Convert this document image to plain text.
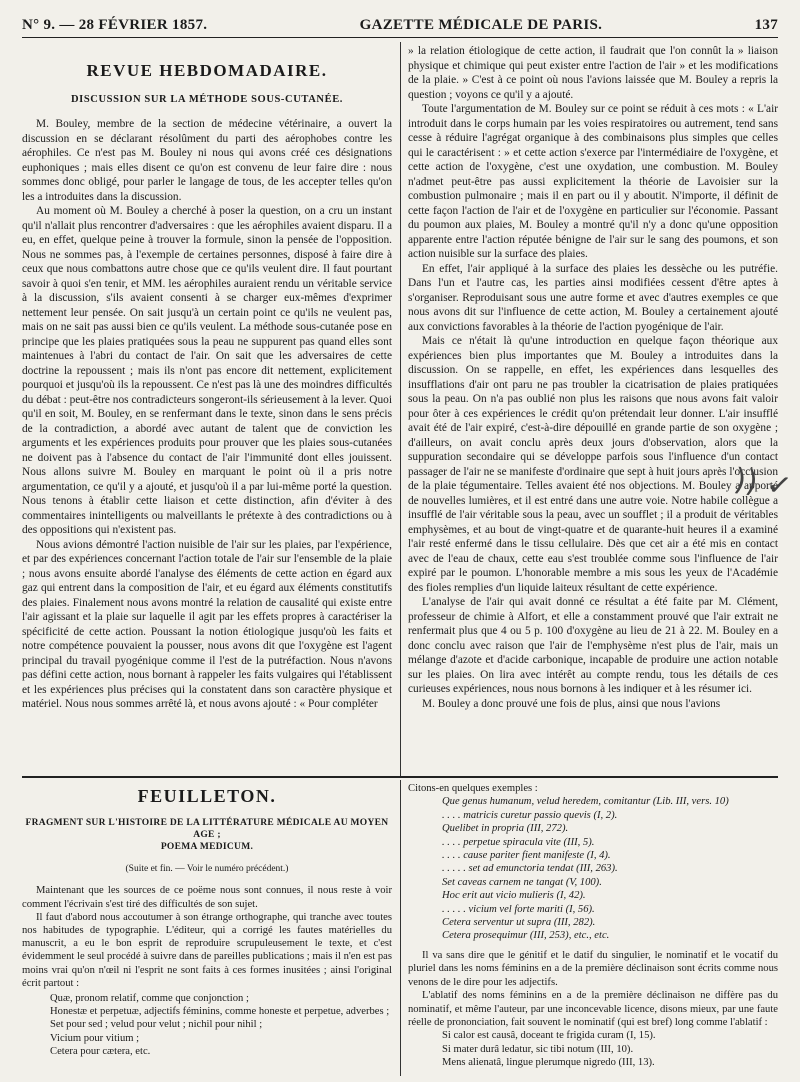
N° 9. — 28 FÉVRIER 1857.	GAZETTE MÉDICALE DE PARIS.	137
REVUE HEBDOMADAIRE.
DISCUSSION SUR LA MÉTHODE SOUS-CUTANÉE.

M. Bouley, membre de la section de médecine vétérinaire, a ouvert la discussion en se déclarant résolûment du parti des aérophobes contre les aérophiles. Ce n'est pas M. Bouley ni nous qui avons créé ces désignations euphoniques ; mais elles disent ce qu'on est convenu de leur faire dire : nous sommes donc obligé, pour parler le langage de tous, de les accepter telles qu'on les a introduites dans la discussion.

Au moment où M. Bouley a cherché à poser la question, on a cru un instant qu'il n'allait plus rencontrer d'adversaires : que les aérophiles avaient disparu. Il a eu, en effet, quelque peine à trouver la formule, sinon la pensée de l'opposition. Nous ne sommes pas, à l'exemple de certaines personnes, disposé à faire dire à ceux que nous combattons autre chose que ce qu'ils veulent dire. Il faut pourtant savoir à quoi s'en tenir, et MM. les aérophiles auraient rendu un véritable service à la discussion, s'ils avaient consenti à se charger eux-mêmes d'exprimer nettement leur pensée. On sait jusqu'à un certain point ce qu'ils ne veulent pas, mais on ne sait pas aussi bien ce qu'ils veulent. La méthode sous-cutanée pose en principe que les plaies pratiquées sous la peau ne suppurent pas quand elles sont maintenues à l'abri du contact de l'air. On sait que les adversaires de cette doctrine la repoussent ; mais ils n'ont pas encore dit nettement, explicitement pourquoi et jusqu'où ils la repoussent. Ce n'est pas là une des moindres difficultés du débat : peut-être nos contradicteurs songeront-ils sérieusement à la lever. Quoi qu'il en soit, M. Bouley, en se renfermant dans le texte, sinon dans le sens précis de la contradiction, a abordé avec autant de talent que de conviction les arguments et les expériences produits pour prouver que les plaies sous-cutanées ne doivent pas à l'absence du contact de l'air l'immunité dont elles jouissent. Nous allons suivre M. Bouley en marquant le point où il a pris notre argumentation, ce qu'il y a ajouté, et jusqu'où il a par lui-même porté la question. Nous tenons à établir cette liaison et cette distinction, afin d'éviter à des commentaires inintelligents ou malveillants le prétexte à des contradictions ou à des oppositions qui n'existent pas.

Nous avions démontré l'action nuisible de l'air sur les plaies, par l'expérience, et par des expériences concernant l'action totale de l'air sur l'ensemble de la plaie ; nous avons ensuite abordé l'analyse des éléments de cette action en égard aux gaz qui entrent dans la composition de l'air, et eu égard aux éléments constitutifs des plaies. Finalement nous avons montré la relation de causalité qui existe entre l'air agissant et la plaie sur laquelle il agit par les effets propres à caractériser la spécificité de cette action. Poussant la notion étiologique jusqu'où les faits et notre compétence pouvaient la pousser, nous avons dit que l'oxygène est l'agent principal du travail pyogénique comme il l'est de la putréfaction. Nous n'avons pas défini cette action, nous bornant à rappeler les faits vulgaires qui l'établissent et les expériences plus précises qui la constatent dans son caractère physique et matériel. Nous nous sommes arrêté là, et nous avons ajouté : « Pour compléter

» la relation étiologique de cette action, il faudrait que l'on connût la » liaison physique et chimique qui peut exister entre l'action de l'air » et les modifications de la plaie. » C'est à ce point où nous l'avions laissée que M. Bouley a repris la question ; voyons ce qu'il y a ajouté.

Toute l'argumentation de M. Bouley sur ce point se réduit à ces mots : « L'air introduit dans le corps humain par les voies respiratoires ou autrement, tend sans cesse à réduire l'agrégat organique à des combinaisons plus simples que celles qui le caractérisent : » et cette action s'exerce par l'intermédiaire de l'oxygène, et cette action de l'oxygène, c'est une oxydation, une combustion. M. Bouley n'admet peut-être pas aussi explicitement la théorie de Lavoisier sur la combustion pulmonaire ; mais il en part ou il y aboutit. N'importe, il définit de cette façon l'action de l'air et de l'oxygène en particulier sur l'économie. Passant du poumon aux plaies, M. Bouley a montré qu'il n'y a donc qu'une opposition apparente entre l'action réputée bénigne de l'air sur le sang des poumons, et son action nuisible sur la surface des plaies.

En effet, l'air appliqué à la surface des plaies les dessèche ou les putréfie. Dans l'un et l'autre cas, les parties ainsi modifiées cessent d'être aptes à s'organiser. Reproduisant sous une autre forme et avec d'autres exemples ce que nous avons dit sur l'influence de cette action, M. Bouley a certainement ajouté aux convictions favorables à la théorie de l'action pyogénique de l'air.

Mais ce n'était là qu'une introduction en quelque façon théorique aux expériences bien plus importantes que M. Bouley a introduites dans la discussion. On se rappelle, en effet, les expériences dans lesquelles des insufflations d'air ont paru ne pas troubler la cicatrisation de plaies pratiquées sous la peau. On n'a pas oublié non plus les raisons que nous avons fait valoir pour ôter à ces expériences le crédit qu'on prétendait leur donner. L'air insufflé avait été de l'air expiré, c'est-à-dire dépouillé en grande partie de son oxygène ; d'ailleurs, on avait conclu après deux jours d'observation, alors que la suppuration secondaire qui se développe parfois sous l'influence d'un contact passager de l'air ne se manifeste d'ordinaire que sept à huit jours après l'occlusion de la plaie tégumentaire. Telles avaient été nos objections. M. Bouley a apporté de nouvelles lumières, et il est entré dans une autre voie. Notre habile collègue a insufflé de l'air véritable sous la peau, avec un soufflet ; il a produit de véritables emphysèmes, et au bout de vingt-quatre et de quarante-huit heures il a examiné l'air resté enfermé dans le tissu cellulaire. Dès que cet air a été mis en contact avec de l'eau de chaux, cette eau s'est troublée comme sous l'influence de l'air expiré par le poumon. L'honorable membre a mis sous les yeux de l'Académie des fioles remplies d'un liquide laiteux résultant de cette expérience.

L'analyse de l'air qui avait donné ce résultat a été faite par M. Clément, professeur de chimie à Alfort, et elle a constamment prouvé que l'air extrait ne renfermait plus que 4 ou 5 p. 100 d'oxygène au lieu de 21 à 22. M. Bouley en a donc conclu avec raison que l'air de l'emphysème n'est plus de l'air, mais un mélange d'azote et d'acide carbonique, incapable de produire une action notable sur les plaies. On lira avec intérêt au compte rendu, tous les détails de ces curieuses expériences, nous nous bornons à les indiquer et à les résumer ici.

M. Bouley a donc prouvé une fois de plus, ainsi que nous l'avions

)) ✓
FEUILLETON.
FRAGMENT SUR L'HISTOIRE DE LA LITTÉRATURE MÉDICALE AU MOYEN AGE ;
POEMA MEDICUM.
(Suite et fin. — Voir le numéro précédent.)

Maintenant que les sources de ce poëme nous sont connues, il nous reste à voir comment l'écrivain s'est tiré des difficultés de son sujet.

Il faut d'abord nous accoutumer à son étrange orthographe, qui tranche avec toutes nos habitudes de typographie. L'éditeur, qui a corrigé les fautes matérielles du manuscrit, a eu le bon esprit de reproduire scrupuleusement le texte, et c'est évidemment le seul procédé à suivre dans de pareilles publications ; mais il n'en est pas moins vrai qu'on n'œil ni l'esprit ne sont faits à ces formes inusitées ; ainsi l'original écrit partout :

Quæ, pronom relatif, comme que conjonction ;
Honestæ et perpetuæ, adjectifs féminins, comme honeste et perpetue, adverbes ;
Set pour sed ; velud pour velut ; nichil pour nihil ;
Vicium pour vitium ;
Cetera pour cætera, etc.

Citons-en quelques exemples :

Que genus humanum, velud heredem, comitantur (Lib. III, vers. 10)
. . . . matricis curetur passio quevis (I, 2).
Quelibet in propria (III, 272).
. . . . perpetue spiracula vite (III, 5).
. . . . cause pariter fient manifeste (I, 4).
. . . . . set ad emunctoria tendat (III, 263).
Set caveas carnem ne tangat (V, 100).
Hoc erit aut vicio mulieris (I, 42).
. . . . . vicium vel forte mariti (I, 56).
Cetera serventur ut supra (III, 282).
Cetera prosequimur (III, 253), etc., etc.

Il va sans dire que le génitif et le datif du singulier, le nominatif et le vocatif du pluriel dans les noms féminins en a de la première déclinaison sont écrits comme nous venons de le dire pour les adjectifs.

L'ablatif des noms féminins en a de la première déclinaison ne diffère pas du nominatif, et même l'auteur, par une inconcevable licence, disons mieux, par une faute réelle de prononciation, fait souvent le nominatif (qui est bref) long comme l'ablatif :

Si calor est causâ, doceant te frigida curam (I, 15).
Si mater durâ ledatur, sic tibi notum (III, 10).
Mens alienatâ, lingue plerumque nigredo (III, 13).
